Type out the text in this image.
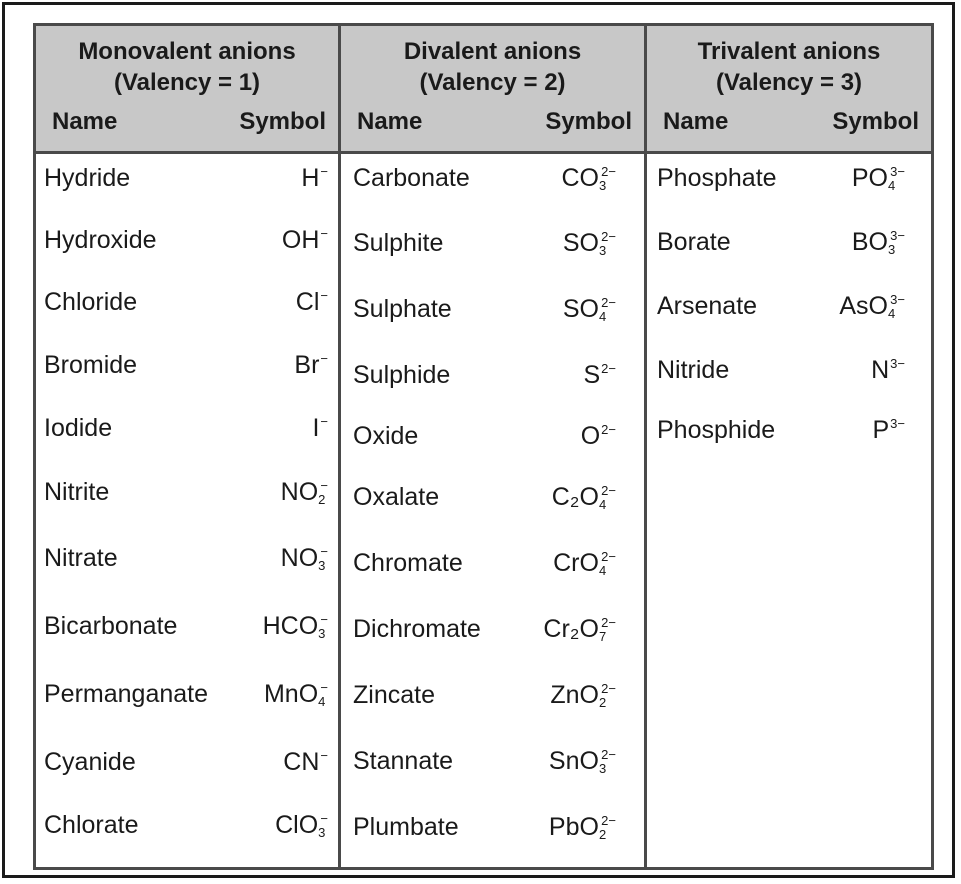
Monovalent anions
(Valency = 1)
Name	Symbol
Hydride	H−
Hydroxide	OH−
Chloride	Cl−
Bromide	Br−
Iodide	I−
Nitrite	$NO_2^-$
Nitrate	$NO_3^-$
Bicarbonate	$HCO_3^-$
Permanganate MnO$_4$−
Cyanide	CN−
Chlorate	ClO$_3$−
Divalent anions
(Valency = 2)
Name	Symbol
Carbonate	$CO_3^{2-}$
Sulphite	$SO_3^{2-}$
Sulphate	$SO_4^{2-}$
Sulphide	$S^{2-}$
Oxide	$O^{2-}$
Oxalate	$C_2O_4^{2-}$
Chromate	CrO$_4^{2-}$
Dichromate	$Cr_2O_7^{2-}$
Zincate	ZnO$_2^{2-}$
Stannate	SnO$_3^{2-}$
Plumbate	PbO$_2^{2-}$
Trivalent anions
(Valency = 3)
Name	Symbol
Phosphate	$PO_4^{3-}$
Borate	$BO_3^{3-}$
Arsenate	AsO$_4^{3-}$
Nitride	$N^{3-}$
Phosphide	$P^{3-}$
